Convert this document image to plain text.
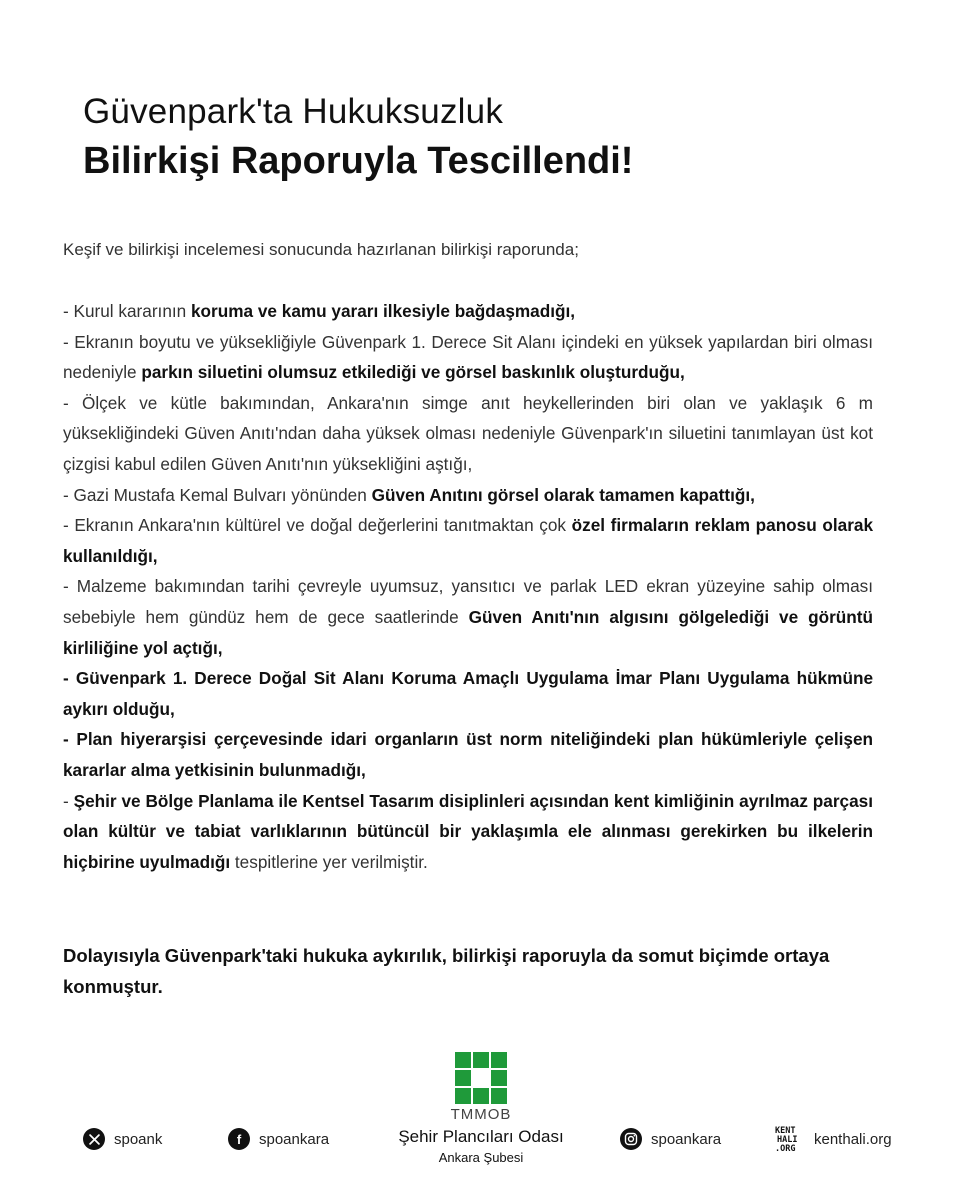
Güvenpark'ta Hukuksuzluk
Bilirkişi Raporuyla Tescillendi!
Keşif ve bilirkişi incelemesi sonucunda hazırlanan bilirkişi raporunda;

- Kurul kararının koruma ve kamu yararı ilkesiyle bağdaşmadığı,

- Ekranın boyutu ve yüksekliğiyle Güvenpark 1. Derece Sit Alanı içindeki en yüksek yapılardan biri olması nedeniyle parkın siluetini olumsuz etkilediği ve görsel baskınlık oluşturduğu,

- Ölçek ve kütle bakımından, Ankara'nın simge anıt heykellerinden biri olan ve yaklaşık 6 m yüksekliğindeki Güven Anıtı'ndan daha yüksek olması nedeniyle Güvenpark'ın siluetini tanımlayan üst kot çizgisi kabul edilen Güven Anıtı'nın yüksekliğini aştığı,

- Gazi Mustafa Kemal Bulvarı yönünden Güven Anıtını görsel olarak tamamen kapattığı,

- Ekranın Ankara'nın kültürel ve doğal değerlerini tanıtmaktan çok özel firmaların reklam panosu olarak kullanıldığı,

- Malzeme bakımından tarihi çevreyle uyumsuz, yansıtıcı ve parlak LED ekran yüzeyine sahip olması sebebiyle hem gündüz hem de gece saatlerinde Güven Anıtı'nın algısını gölgelediği ve görüntü kirliliğine yol açtığı,

- Güvenpark 1. Derece Doğal Sit Alanı Koruma Amaçlı Uygulama İmar Planı Uygulama hükmüne aykırı olduğu,

- Plan hiyerarşisi çerçevesinde idari organların üst norm niteliğindeki plan hükümleriyle çelişen kararlar alma yetkisinin bulunmadığı,

- Şehir ve Bölge Planlama ile Kentsel Tasarım disiplinleri açısından kent kimliğinin ayrılmaz parçası olan kültür ve tabiat varlıklarının bütüncül bir yaklaşımla ele alınması gerekirken bu ilkelerin hiçbirine uyulmadığı tespitlerine yer verilmiştir.

Dolayısıyla Güvenpark'taki hukuka aykırılık, bilirkişi raporuyla da somut biçimde ortaya konmuştur.
TMMOB
Şehir Plancıları Odası
Ankara Şubesi
spoank	f	spoankara	spoankara	KENT
HALI
.ORG
kenthali.org
